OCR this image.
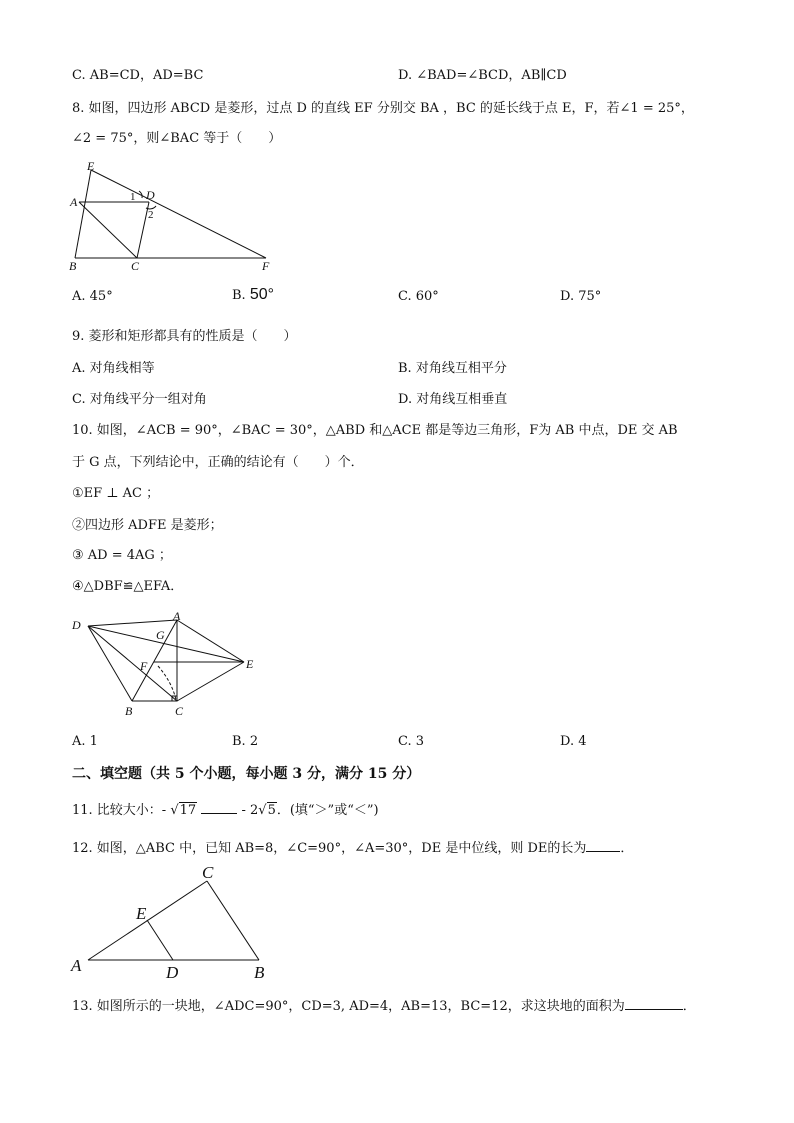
C. AB=CD，AD=BC	D. ∠BAD=∠BCD，AB∥CD
8. 如图，四边形 ABCD 是菱形，过点 D 的直线 EF 分别交 BA ，BC 的延长线于点 E，F，若∠1 = 25°，
∠2 = 75°，则∠BAC 等于（　　）
E
A	D
B	C	F
1
2
A. 45°	B. 50°	C. 60°	D. 75°
9. 菱形和矩形都具有的性质是（　　）
A. 对角线相等	B. 对角线互相平分
C. 对角线平分一组对角	D. 对角线互相垂直
10. 如图，∠ACB = 90°，∠BAC = 30°，△ABD 和△ACE 都是等边三角形，F为 AB 中点，DE 交 AB
于 G 点，下列结论中，正确的结论有（　　）个．
①EF ⊥ AC ；
②四边形 ADFE 是菱形；
③ AD = 4AG ；
④△DBF≌△EFA．
D
A
G
F	E
B	C
A. 1	B. 2	C. 3	D. 4
二、填空题（共 5 个小题，每小题 3 分，满分 15 分）
11. 比较大小：- √17	- 2√5．(填“＞”或“＜”)
12. 如图，△ABC 中，已知 AB=8，∠C=90°，∠A=30°，DE 是中位线，则 DE的长为	．
C
E
A	D	B
13. 如图所示的一块地，∠ADC=90°，CD=3, AD=4，AB=13，BC=12，求这块地的面积为	．
